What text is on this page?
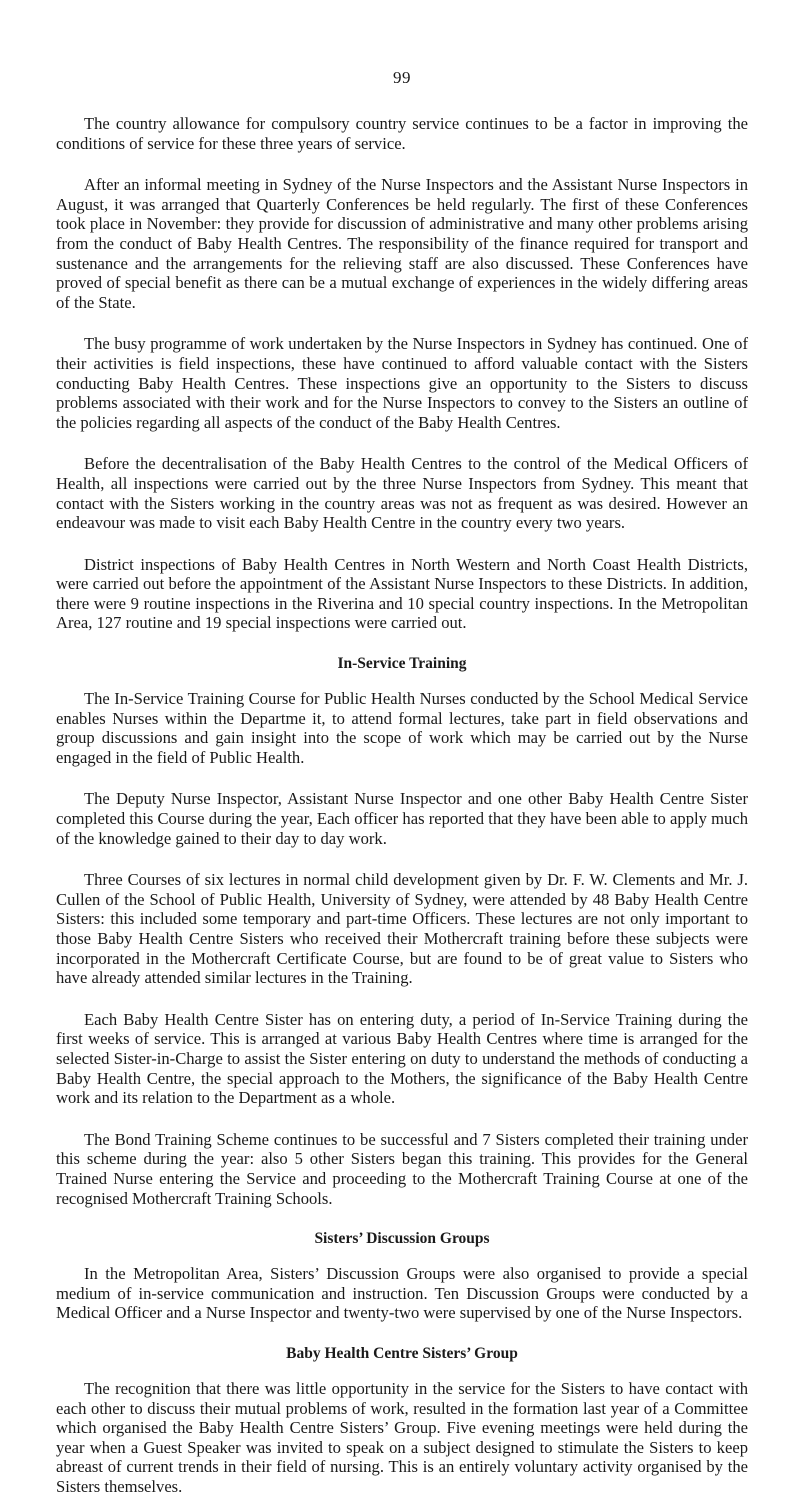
99

The country allowance for compulsory country service continues to be a factor in improving the conditions of service for these three years of service.

After an informal meeting in Sydney of the Nurse Inspectors and the Assistant Nurse Inspectors in August, it was arranged that Quarterly Conferences be held regularly. The first of these Conferences took place in November: they provide for discussion of administrative and many other problems arising from the conduct of Baby Health Centres. The responsibility of the finance required for transport and sustenance and the arrangements for the relieving staff are also discussed. These Conferences have proved of special benefit as there can be a mutual exchange of experiences in the widely differing areas of the State.

The busy programme of work undertaken by the Nurse Inspectors in Sydney has continued. One of their activities is field inspections, these have continued to afford valuable contact with the Sisters conducting Baby Health Centres. These inspections give an opportunity to the Sisters to discuss problems associated with their work and for the Nurse Inspectors to convey to the Sisters an outline of the policies regarding all aspects of the conduct of the Baby Health Centres.

Before the decentralisation of the Baby Health Centres to the control of the Medical Officers of Health, all inspections were carried out by the three Nurse Inspectors from Sydney. This meant that contact with the Sisters working in the country areas was not as frequent as was desired. However an endeavour was made to visit each Baby Health Centre in the country every two years.

District inspections of Baby Health Centres in North Western and North Coast Health Districts, were carried out before the appointment of the Assistant Nurse Inspectors to these Districts. In addition, there were 9 routine inspections in the Riverina and 10 special country inspections. In the Metropolitan Area, 127 routine and 19 special inspections were carried out.

In-Service Training

The In-Service Training Course for Public Health Nurses conducted by the School Medical Service enables Nurses within the Departme it, to attend formal lectures, take part in field observations and group discussions and gain insight into the scope of work which may be carried out by the Nurse engaged in the field of Public Health.

The Deputy Nurse Inspector, Assistant Nurse Inspector and one other Baby Health Centre Sister completed this Course during the year, Each officer has reported that they have been able to apply much of the knowledge gained to their day to day work.

Three Courses of six lectures in normal child development given by Dr. F. W. Clements and Mr. J. Cullen of the School of Public Health, University of Sydney, were attended by 48 Baby Health Centre Sisters: this included some temporary and part-time Officers. These lectures are not only important to those Baby Health Centre Sisters who received their Mothercraft training before these subjects were incorporated in the Mothercraft Certificate Course, but are found to be of great value to Sisters who have already attended similar lectures in the Training.

Each Baby Health Centre Sister has on entering duty, a period of In-Service Training during the first weeks of service. This is arranged at various Baby Health Centres where time is arranged for the selected Sister-in-Charge to assist the Sister entering on duty to understand the methods of conducting a Baby Health Centre, the special approach to the Mothers, the significance of the Baby Health Centre work and its relation to the Department as a whole.

The Bond Training Scheme continues to be successful and 7 Sisters completed their training under this scheme during the year: also 5 other Sisters began this training. This provides for the General Trained Nurse entering the Service and proceeding to the Mothercraft Training Course at one of the recognised Mothercraft Training Schools.

Sisters’ Discussion Groups

In the Metropolitan Area, Sisters’ Discussion Groups were also organised to provide a special medium of in-service communication and instruction. Ten Discussion Groups were conducted by a Medical Officer and a Nurse Inspector and twenty-two were supervised by one of the Nurse Inspectors.

Baby Health Centre Sisters’ Group

The recognition that there was little opportunity in the service for the Sisters to have contact with each other to discuss their mutual problems of work, resulted in the formation last year of a Committee which organised the Baby Health Centre Sisters’ Group. Five evening meetings were held during the year when a Guest Speaker was invited to speak on a subject designed to stimulate the Sisters to keep abreast of current trends in their field of nursing. This is an entirely voluntary activity organised by the Sisters themselves.
